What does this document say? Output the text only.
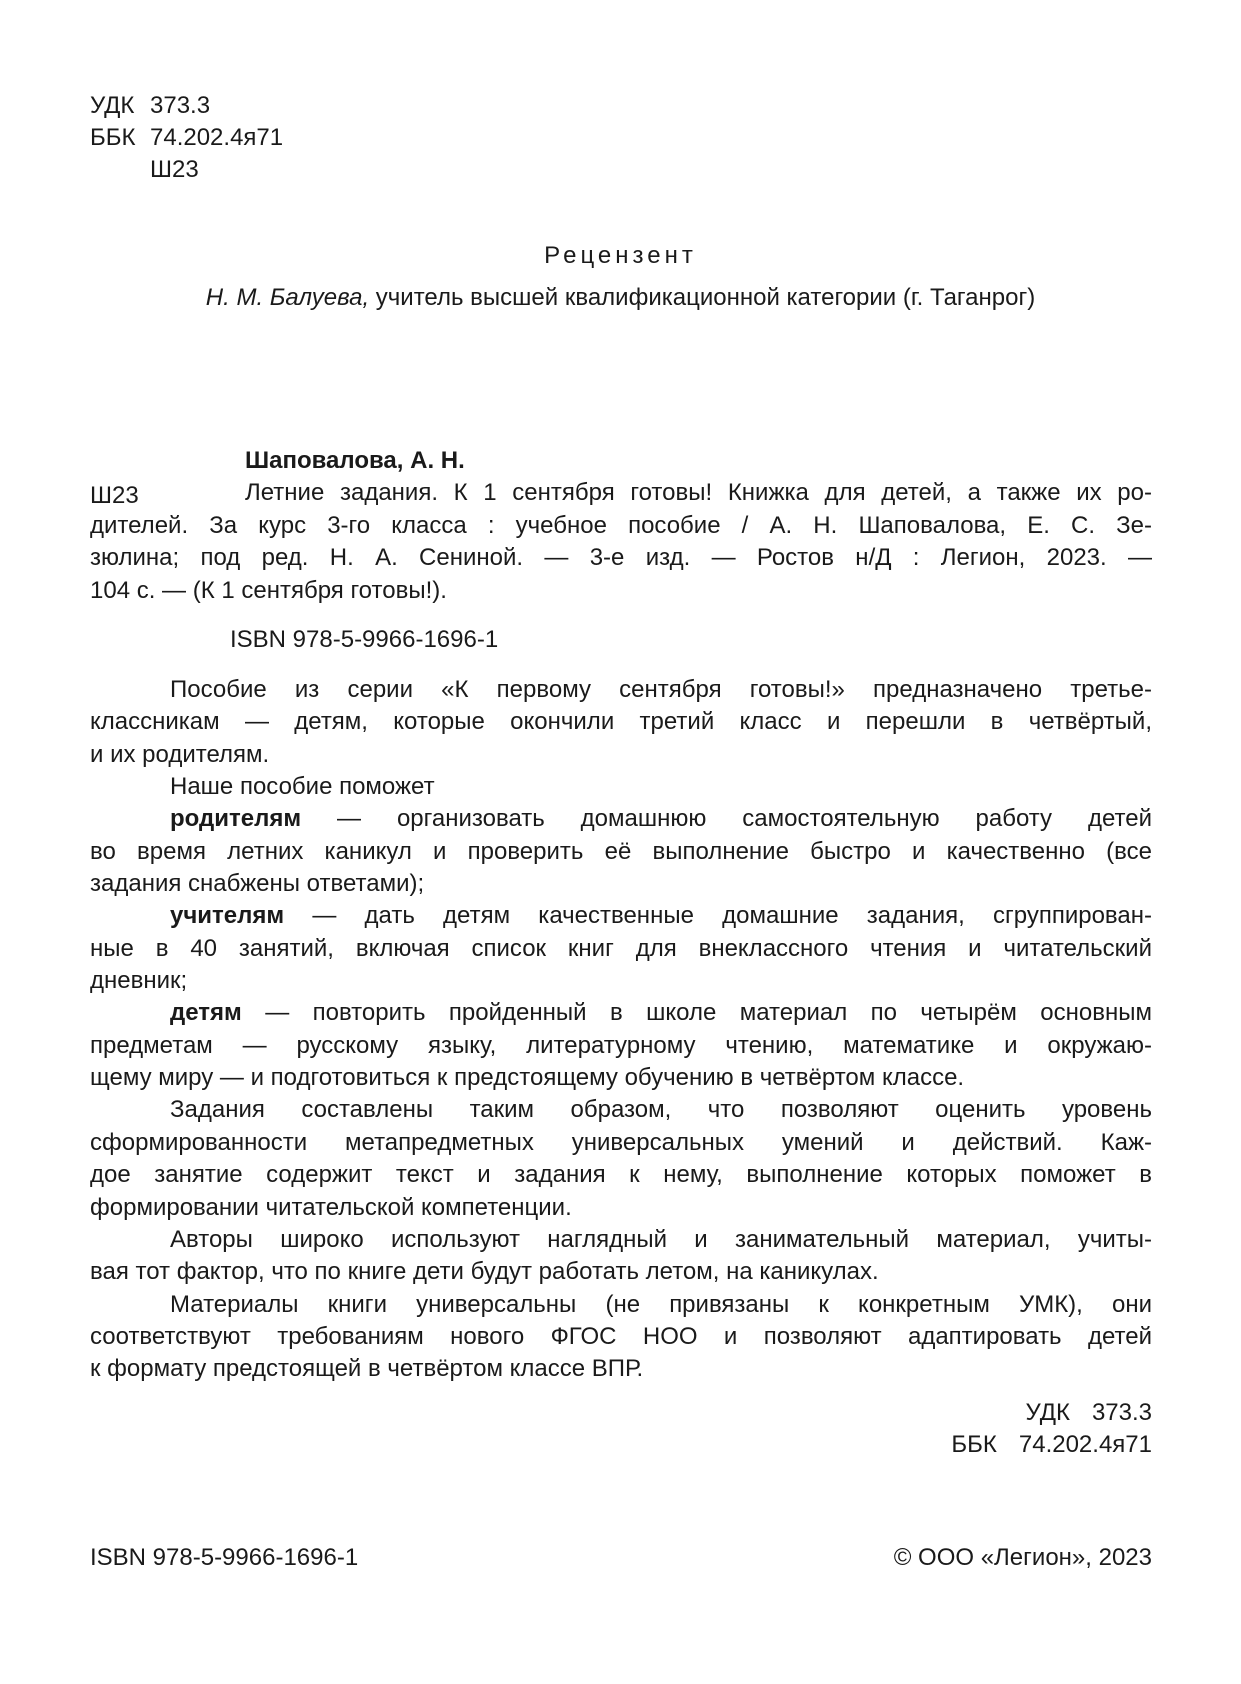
УДК 373.3
ББК 74.202.4я71
Ш23
Рецензент
Н. М. Балуева, учитель высшей квалификационной категории (г. Таганрог)
Шаповалова, А. Н.
Ш23	Летние задания. К 1 сентября готовы! Книжка для детей, а также их ро-
дителей. За курс 3-го класса : учебное пособие / А. Н. Шаповалова, Е. С. Зе-
зюлина; под ред. Н. А. Сениной. — 3-е изд. — Ростов н/Д : Легион, 2023. —
104 с. — (К 1 сентября готовы!).
ISBN 978-5-9966-1696-1
Пособие из серии «К первому сентября готовы!» предназначено третье-
классникам — детям, которые окончили третий класс и перешли в четвёртый,
и их родителям.
Наше пособие поможет
родителям — организовать домашнюю самостоятельную работу детей
во время летних каникул и проверить её выполнение быстро и качественно (все
задания снабжены ответами);
учителям — дать детям качественные домашние задания, сгруппирован-
ные в 40 занятий, включая список книг для внеклассного чтения и читательский
дневник;
детям — повторить пройденный в школе материал по четырём основным
предметам — русскому языку, литературному чтению, математике и окружаю-
щему миру — и подготовиться к предстоящему обучению в четвёртом классе.
Задания составлены таким образом, что позволяют оценить уровень
сформированности метапредметных универсальных умений и действий. Каж-
дое занятие содержит текст и задания к нему, выполнение которых поможет в
формировании читательской компетенции.
Авторы широко используют наглядный и занимательный материал, учиты-
вая тот фактор, что по книге дети будут работать летом, на каникулах.
Материалы книги универсальны (не привязаны к конкретным УМК), они
соответствуют требованиям нового ФГОС НОО и позволяют адаптировать детей
к формату предстоящей в четвёртом классе ВПР.
УДК 373.3
ББК 74.202.4я71
ISBN 978-5-9966-1696-1	© ООО «Легион», 2023
